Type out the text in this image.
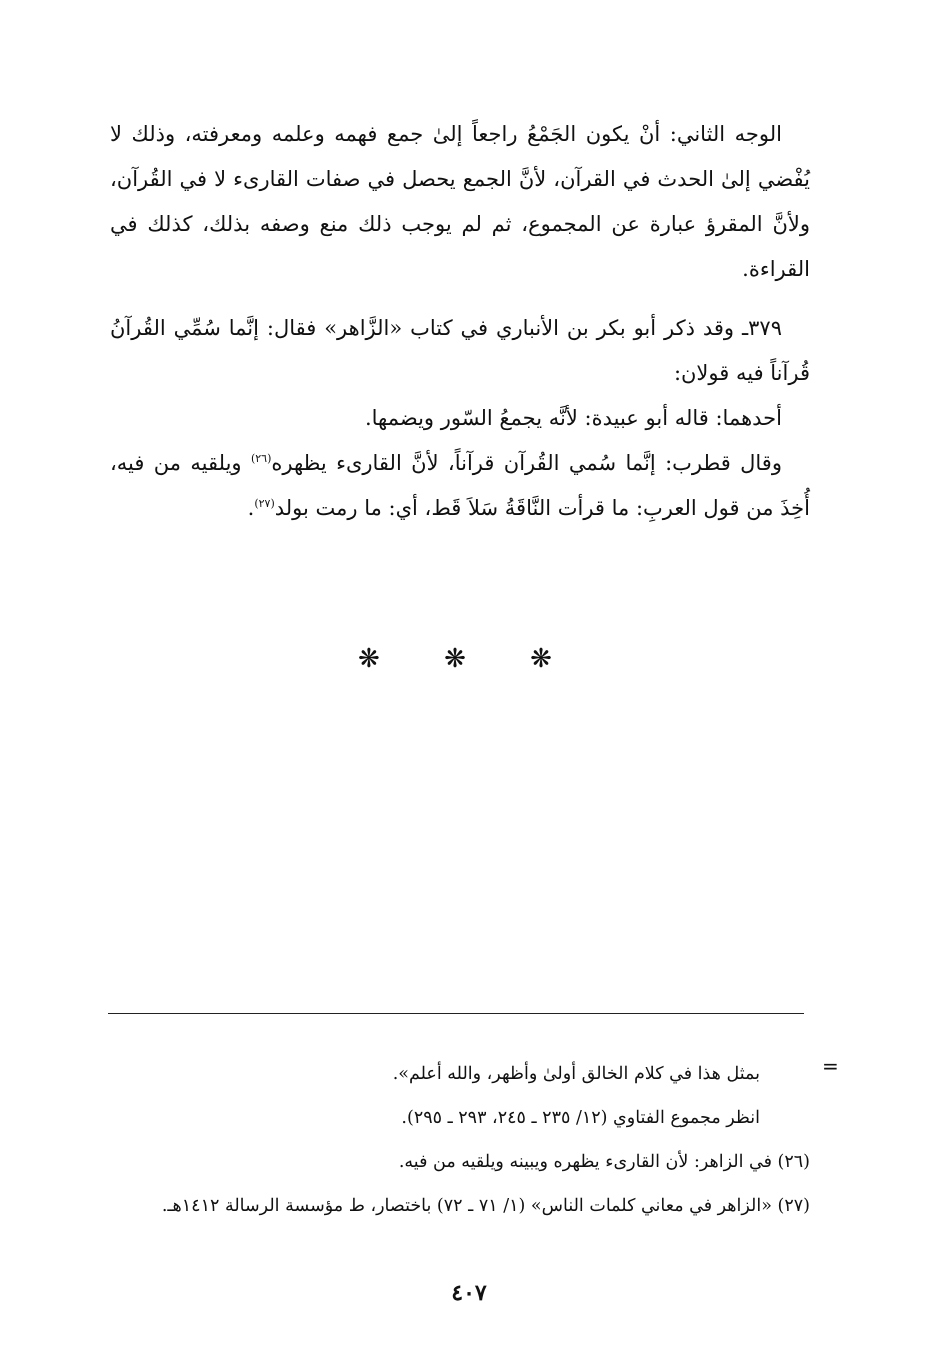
الوجه الثاني: أنْ يكون الجَمْعُ راجعاً إلىٰ جمع فهمه وعلمه ومعرفته، وذلك لا يُفْضي إلىٰ الحدث في القرآن، لأنَّ الجمع يحصل في صفات القارىء لا في القُرآن، ولأنَّ المقرؤ عبارة عن المجموع، ثم لم يوجب ذلك منع وصفه بذلك، كذلك في القراءة.

٣٧٩ـ وقد ذكر أبو بكر بن الأنباري في كتاب «الزَّاهر» فقال: إنَّما سُمِّي القُرآنُ قُرآناً فيه قولان:

أحدهما: قاله أبو عبيدة: لأنَّه يجمعُ السّور ويضمها.

وقال قطرب: إنَّما سُمي القُرآن قرآناً، لأنَّ القارىء يظهره$^{(٢٦)}$ ويلقيه من فيه، أُخِذَ من قول العربِ: ما قرأت النَّاقَةُ سَلاَ قَط، أي: ما رمت بولد$^{(٢٧)}$.

❋ ❋ ❋
=

بمثل هذا في كلام الخالق أولىٰ وأظهر، والله أعلم».

انظر مجموع الفتاوي (١٢/ ٢٣٥ ـ ٢٤٥، ٢٩٣ ـ ٢٩٥).

(٢٦) في الزاهر: لأن القارىء يظهره ويبينه ويلقيه من فيه.

(٢٧) «الزاهر في معاني كلمات الناس» (١/ ٧١ ـ ٧٢) باختصار، ط مؤسسة الرسالة ١٤١٢هـ.

٤٠٧
